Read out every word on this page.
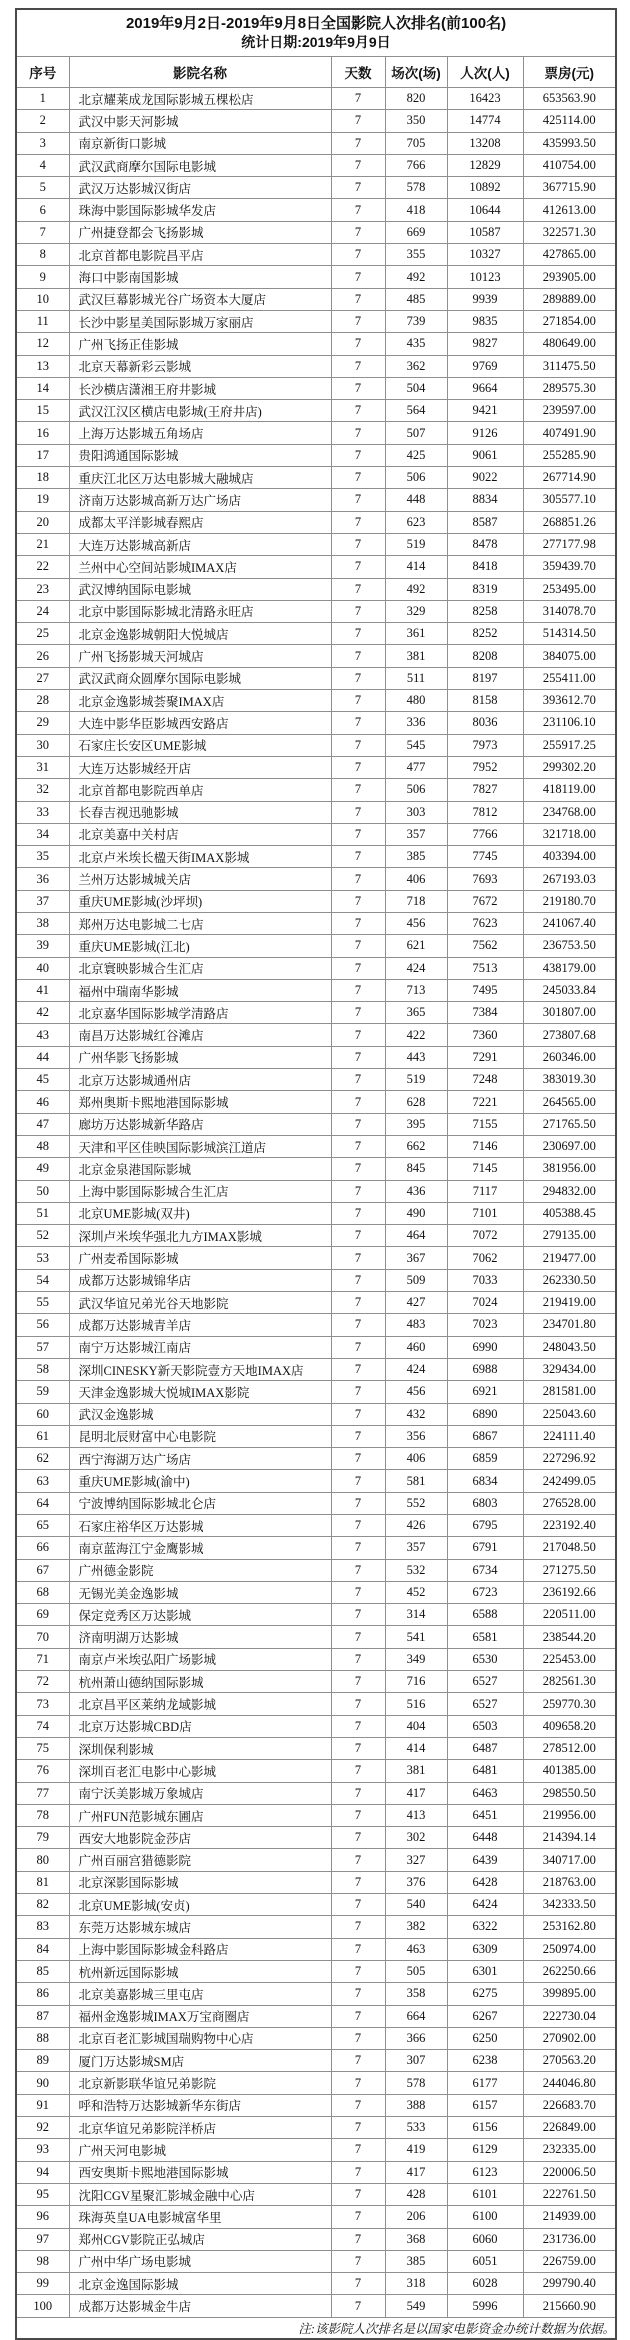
2019年9月2日-2019年9月8日全国影院人次排名(前100名)
统计日期:2019年9月9日					

序号	影院名称	天数	场次(场)	人次(人)	票房(元)
1	北京耀莱成龙国际影城五棵松店	7	820	16423	653563.90
2	武汉中影天河影城	7	350	14774	425114.00
3	南京新街口影城	7	705	13208	435993.50
4	武汉武商摩尔国际电影城	7	766	12829	410754.00
5	武汉万达影城汉街店	7	578	10892	367715.90
6	珠海中影国际影城华发店	7	418	10644	412613.00
7	广州捷登都会飞扬影城	7	669	10587	322571.30
8	北京首都电影院昌平店	7	355	10327	427865.00
9	海口中影南国影城	7	492	10123	293905.00
10	武汉巨幕影城光谷广场资本大厦店	7	485	9939	289889.00
11	长沙中影星美国际影城万家丽店	7	739	9835	271854.00
12	广州飞扬正佳影城	7	435	9827	480649.00
13	北京天幕新彩云影城	7	362	9769	311475.50
14	长沙横店潇湘王府井影城	7	504	9664	289575.30
15	武汉江汉区横店电影城(王府井店)	7	564	9421	239597.00
16	上海万达影城五角场店	7	507	9126	407491.90
17	贵阳鸿通国际影城	7	425	9061	255285.90
18	重庆江北区万达电影城大融城店	7	506	9022	267714.90
19	济南万达影城高新万达广场店	7	448	8834	305577.10
20	成都太平洋影城春熙店	7	623	8587	268851.26
21	大连万达影城高新店	7	519	8478	277177.98
22	兰州中心空间站影城IMAX店	7	414	8418	359439.70
23	武汉博纳国际电影城	7	492	8319	253495.00
24	北京中影国际影城北清路永旺店	7	329	8258	314078.70
25	北京金逸影城朝阳大悦城店	7	361	8252	514314.50
26	广州飞扬影城天河城店	7	381	8208	384075.00
27	武汉武商众圆摩尔国际电影城	7	511	8197	255411.00
28	北京金逸影城荟聚IMAX店	7	480	8158	393612.70
29	大连中影华臣影城西安路店	7	336	8036	231106.10
30	石家庄长安区UME影城	7	545	7973	255917.25
31	大连万达影城经开店	7	477	7952	299302.20
32	北京首都电影院西单店	7	506	7827	418119.00
33	长春吉视迅驰影城	7	303	7812	234768.00
34	北京美嘉中关村店	7	357	7766	321718.00
35	北京卢米埃长楹天街IMAX影城	7	385	7745	403394.00
36	兰州万达影城城关店	7	406	7693	267193.03
37	重庆UME影城(沙坪坝)	7	718	7672	219180.70
38	郑州万达电影城二七店	7	456	7623	241067.40
39	重庆UME影城(江北)	7	621	7562	236753.50
40	北京寰映影城合生汇店	7	424	7513	438179.00
41	福州中瑞南华影城	7	713	7495	245033.84
42	北京嘉华国际影城学清路店	7	365	7384	301807.00
43	南昌万达影城红谷滩店	7	422	7360	273807.68
44	广州华影飞扬影城	7	443	7291	260346.00
45	北京万达影城通州店	7	519	7248	383019.30
46	郑州奥斯卡熙地港国际影城	7	628	7221	264565.00
47	廊坊万达影城新华路店	7	395	7155	271765.50
48	天津和平区佳映国际影城滨江道店	7	662	7146	230697.00
49	北京金泉港国际影城	7	845	7145	381956.00
50	上海中影国际影城合生汇店	7	436	7117	294832.00
51	北京UME影城(双井)	7	490	7101	405388.45
52	深圳卢米埃华强北九方IMAX影城	7	464	7072	279135.00
53	广州麦希国际影城	7	367	7062	219477.00
54	成都万达影城锦华店	7	509	7033	262330.50
55	武汉华谊兄弟光谷天地影院	7	427	7024	219419.00
56	成都万达影城青羊店	7	483	7023	234701.80
57	南宁万达影城江南店	7	460	6990	248043.50
58	深圳CINESKY新天影院壹方天地IMAX店	7	424	6988	329434.00
59	天津金逸影城大悦城IMAX影院	7	456	6921	281581.00
60	武汉金逸影城	7	432	6890	225043.60
61	昆明北辰财富中心电影院	7	356	6867	224111.40
62	西宁海湖万达广场店	7	406	6859	227296.92
63	重庆UME影城(渝中)	7	581	6834	242499.05
64	宁波博纳国际影城北仑店	7	552	6803	276528.00
65	石家庄裕华区万达影城	7	426	6795	223192.40
66	南京蓝海江宁金鹰影城	7	357	6791	217048.50
67	广州德金影院	7	532	6734	271275.50
68	无锡光美金逸影城	7	452	6723	236192.66
69	保定竞秀区万达影城	7	314	6588	220511.00
70	济南明湖万达影城	7	541	6581	238544.20
71	南京卢米埃弘阳广场影城	7	349	6530	225453.00
72	杭州萧山德纳国际影城	7	716	6527	282561.30
73	北京昌平区莱纳龙域影城	7	516	6527	259770.30
74	北京万达影城CBD店	7	404	6503	409658.20
75	深圳保利影城	7	414	6487	278512.00
76	深圳百老汇电影中心影城	7	381	6481	401385.00
77	南宁沃美影城万象城店	7	417	6463	298550.50
78	广州FUN范影城东圃店	7	413	6451	219956.00
79	西安大地影院金莎店	7	302	6448	214394.14
80	广州百丽宫猎德影院	7	327	6439	340717.00
81	北京深影国际影城	7	376	6428	218763.00
82	北京UME影城(安贞)	7	540	6424	342333.50
83	东莞万达影城东城店	7	382	6322	253162.80
84	上海中影国际影城金科路店	7	463	6309	250974.00
85	杭州新远国际影城	7	505	6301	262250.66
86	北京美嘉影城三里屯店	7	358	6275	399895.00
87	福州金逸影城IMAX万宝商圈店	7	664	6267	222730.04
88	北京百老汇影城国瑞购物中心店	7	366	6250	270902.00
89	厦门万达影城SM店	7	307	6238	270563.20
90	北京新影联华谊兄弟影院	7	578	6177	244046.80
91	呼和浩特万达影城新华东街店	7	388	6157	226683.70
92	北京华谊兄弟影院洋桥店	7	533	6156	226849.00
93	广州天河电影城	7	419	6129	232335.00
94	西安奥斯卡熙地港国际影城	7	417	6123	220006.50
95	沈阳CGV星聚汇影城金融中心店	7	428	6101	222761.50
96	珠海英皇UA电影城富华里	7	206	6100	214939.00
97	郑州CGV影院正弘城店	7	368	6060	231736.00
98	广州中华广场电影城	7	385	6051	226759.00
99	北京金逸国际影城	7	318	6028	299790.40
100	成都万达影城金牛店	7	549	5996	215660.90
注:该影院人次排名是以国家电影资金办统计数据为依据。					
